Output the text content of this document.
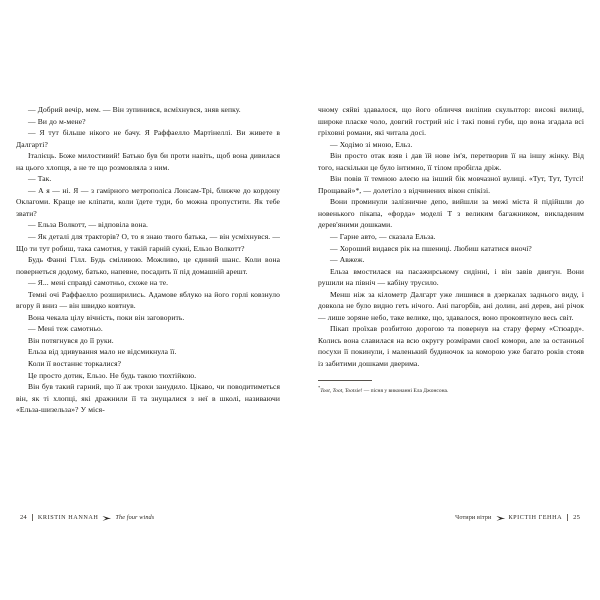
— Добрий вечір, мем. — Він зупинився, всміхнувся, зняв кепку.

— Ви до м-мене?

— Я тут більше нікого не бачу. Я Раффаелло Мартінеллі. Ви живете в Далгарті?

Італієць. Боже милостивий! Батько був би проти навіть, щоб вона дивилася на цього хлопця, а не те що розмовляла з ним.

— Так.

— А я — ні. Я — з гамірного метрополіса Лонсам-Трі, ближче до кордону Оклагоми. Краще не кліпати, коли їдете туди, бо можна пропустити. Як тебе звати?

— Ельза Волкотт, — відповіла вона.

— Як деталі для тракторів? О, то я знаю твого батька, — він усміхнувся. — Що ти тут робиш, така самотня, у такій гарній сукні, Ельзо Волкотт?

Будь Фанні Гілл. Будь сміливою. Можливо, це єдиний шанс. Коли вона повернеться додому, батько, напевне, посадить її під домашній арешт.

— Я... мені справді самотньо, схоже на те.

Темні очі Раффаелло розширились. Адамове яблуко на його горлі ковзнуло вгору й вниз — він швидко ковтнув.

Вона чекала цілу вічність, поки він заговорить.

— Мені теж самотньо.

Він потягнувся до її руки.

Ельза від здивування мало не відсмикнула її.

Коли її востаннє торкалися?

Це просто дотик, Ельзо. Не будь такою тюхтійкою.

Він був такий гарний, що її аж трохи занудило. Цікаво, чи поводитиметься він, як ті хлопці, які дражнили її та знущалися з неї в школі, називаючи «Ельза-шизельза»? У міся-

24 KRISTIN HANNAH	The four winds

чному сяйві здавалося, що його обличчя виліпив скульптор: високі вилиці, широке пласке чоло, довгий гострий ніс і такі повні губи, що вона згадала всі гріховні романи, які читала досі.

— Ходімо зі мною, Ельз.

Він просто отак взяв і дав їй нове ім'я, перетворив її на іншу жінку. Від того, наскільки це було інтимно, її тілом пробігла дріж.

Він повів її темною алеєю на інший бік мовчазної вулиці. «Тут, Тут, Тутсі! Прощавай»*, — долетіло з відчинених вікон спікізі.

Вони проминули залізничне депо, вийшли за межі міста й підійшли до новенького пікапа, «форда» моделі Т з великим багажником, викладеним дерев'яними дошками.

— Гарне авто, — сказала Ельза.

— Хороший видався рік на пшениці. Любиш кататися вночі?

— Авжеж.

Ельза вмостилася на пасажирському сидінні, і він завів двигун. Вони рушили на північ — кабіну трусило.

Менш ніж за кілометр Далгарт уже лишився в дзеркалах заднього виду, і довкола не було видно геть нічого. Ані пагорбів, ані долин, ані дерев, ані річок — лише зоряне небо, таке велике, що, здавалося, воно проковтнуло весь світ.

Пікап проїхав розбитою дорогою та повернув на стару ферму «Стюард». Колись вона славилася на всю округу розмірами своєї комори, але за останньої посухи її покинули, і маленький будиночок за коморою уже багато років стояв із забитими дошками дверима.

*Toot, Toot, Tootsie! — пісня у виконанні Ела Джонсона.

Чотири вітри	КРІСТІН ГЕННА 25
